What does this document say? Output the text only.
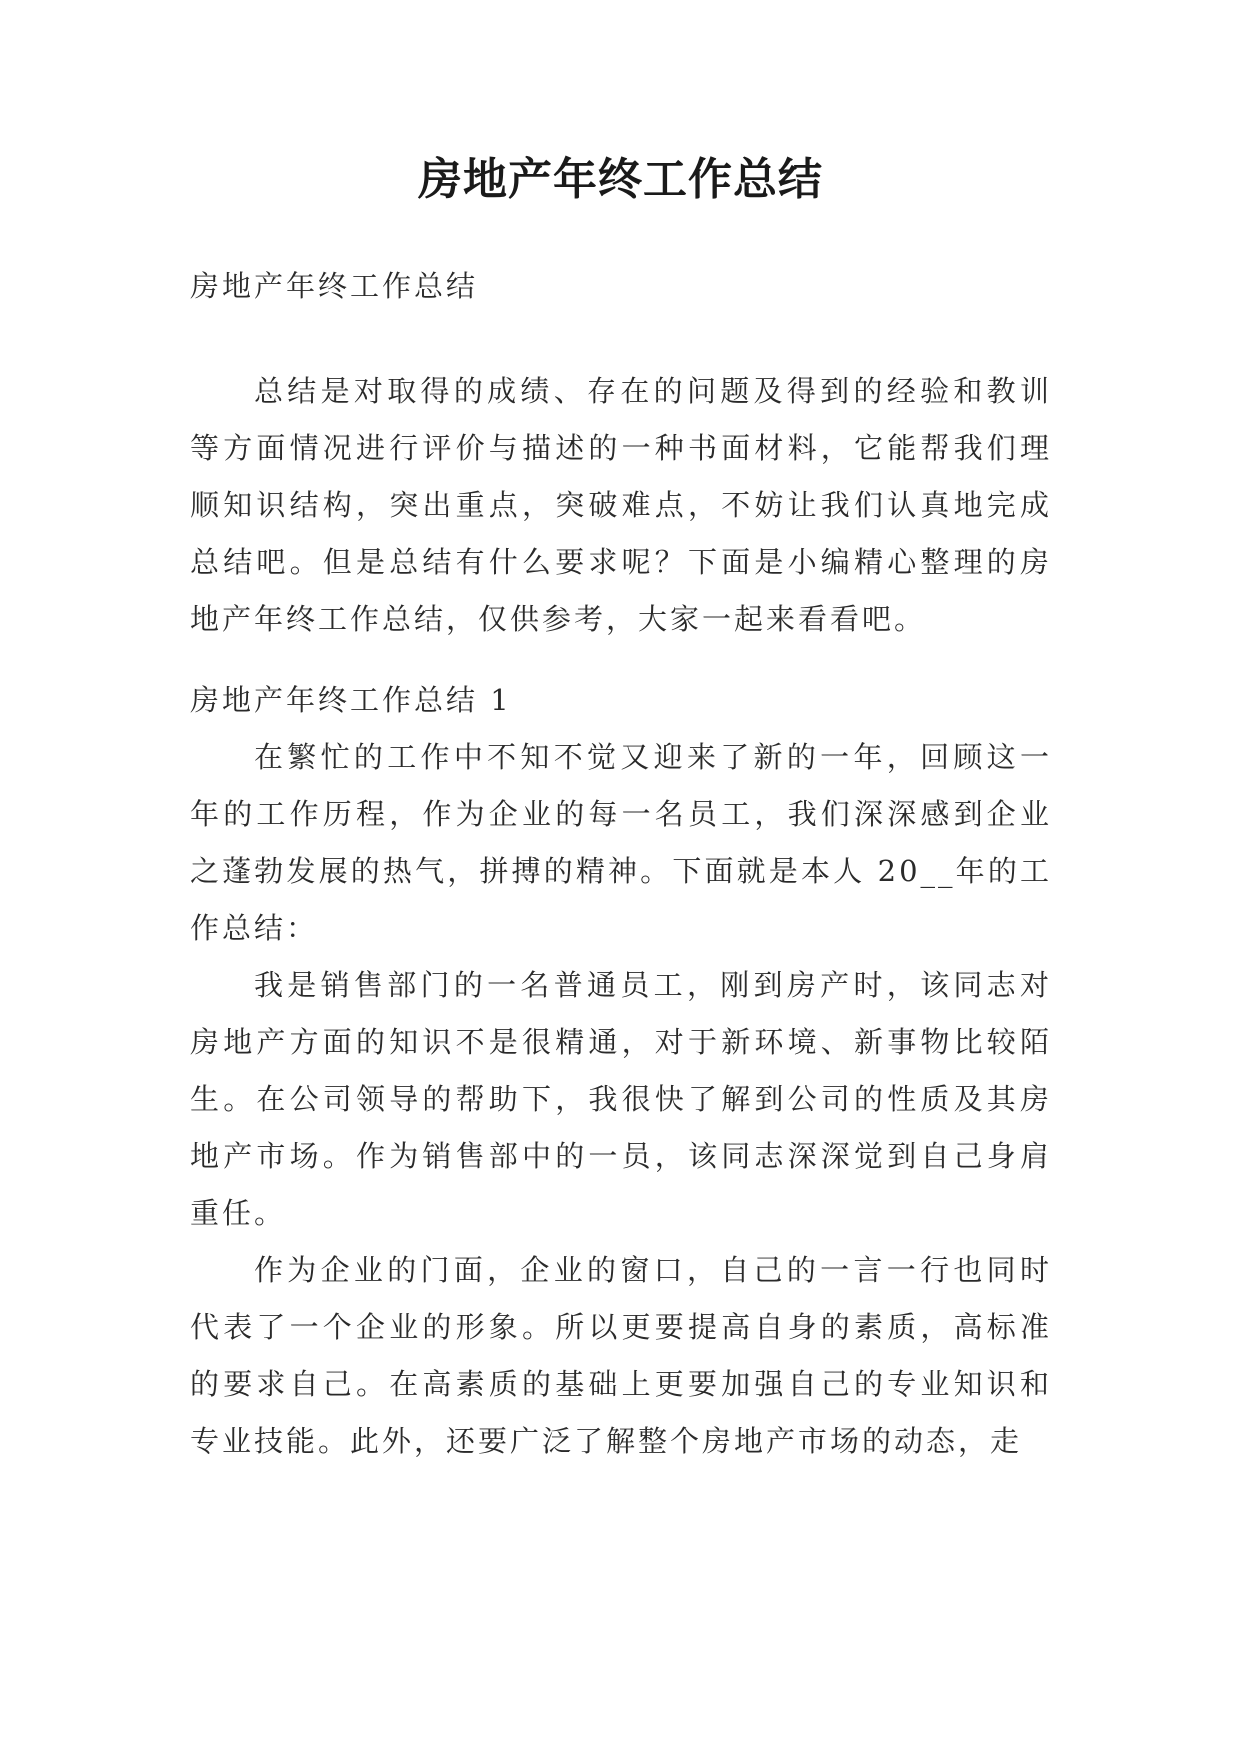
房地产年终工作总结

房地产年终工作总结

总结是对取得的成绩、存在的问题及得到的经验和教训等方面情况进行评价与描述的一种书面材料，它能帮我们理顺知识结构，突出重点，突破难点，不妨让我们认真地完成总结吧。但是总结有什么要求呢？下面是小编精心整理的房地产年终工作总结，仅供参考，大家一起来看看吧。

房地产年终工作总结 1

在繁忙的工作中不知不觉又迎来了新的一年，回顾这一年的工作历程，作为企业的每一名员工，我们深深感到企业之蓬勃发展的热气，拼搏的精神。下面就是本人 20__年的工作总结：

我是销售部门的一名普通员工，刚到房产时，该同志对房地产方面的知识不是很精通，对于新环境、新事物比较陌生。在公司领导的帮助下，我很快了解到公司的性质及其房地产市场。作为销售部中的一员，该同志深深觉到自己身肩重任。

作为企业的门面，企业的窗口，自己的一言一行也同时代表了一个企业的形象。所以更要提高自身的素质，高标准的要求自己。在高素质的基础上更要加强自己的专业知识和专业技能。此外，还要广泛了解整个房地产市场的动态，走
